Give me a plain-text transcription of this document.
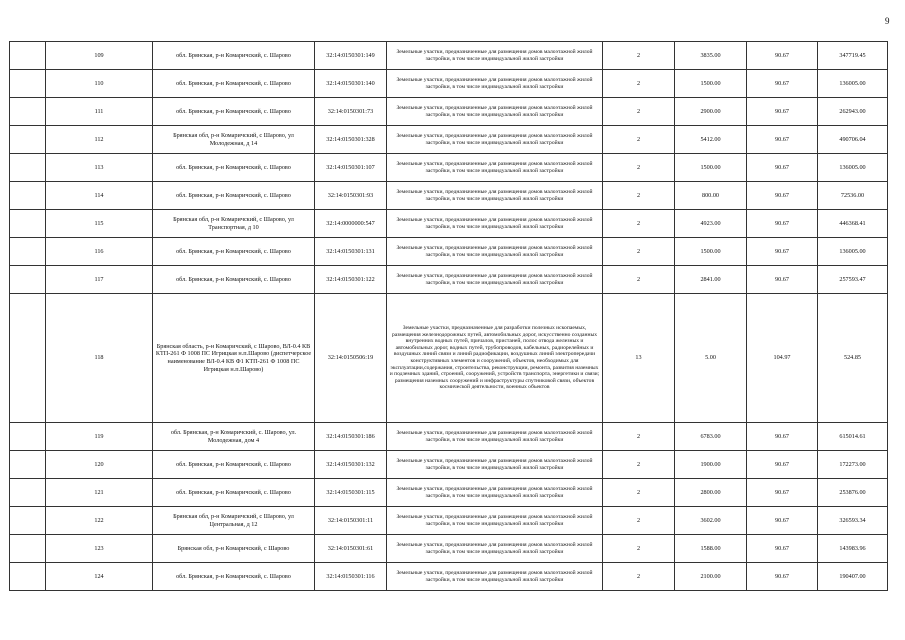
9
	109	обл. Брянская, р-н Комаричский, с. Шарово	32:14:0150301:149	Земельные участки, предназначенные для размещения домов малоэтажной жилой застройки, в том числе индивидуальной жилой застройки	2	3835.00	90.67	347719.45
	110	обл. Брянская, р-н Комаричский, с. Шарово	32:14:0150301:140	Земельные участки, предназначенные для размещения домов малоэтажной жилой застройки, в том числе индивидуальной жилой застройки	2	1500.00	90.67	136005.00
	111	обл. Брянская, р-н Комаричский, с. Шарово	32:14:0150301:73	Земельные участки, предназначенные для размещения домов малоэтажной жилой застройки, в том числе индивидуальной жилой застройки	2	2900.00	90.67	262943.00
	112	Брянская обл, р-н Комаричский, с Шарово, ул Молодежная, д 14	32:14:0150301:328	Земельные участки, предназначенные для размещения домов малоэтажной жилой застройки, в том числе индивидуальной жилой застройки	2	5412.00	90.67	490706.04
	113	обл. Брянская, р-н Комаричский, с. Шарово	32:14:0150301:107	Земельные участки, предназначенные для размещения домов малоэтажной жилой застройки, в том числе индивидуальной жилой застройки	2	1500.00	90.67	136005.00
	114	обл. Брянская, р-н Комаричский, с. Шарово	32:14:0150301:93	Земельные участки, предназначенные для размещения домов малоэтажной жилой застройки, в том числе индивидуальной жилой застройки	2	800.00	90.67	72536.00
	115	Брянская обл, р-н Комаричский, с Шарово, ул Транспортная, д 10	32:14:0000000:547	Земельные участки, предназначенные для размещения домов малоэтажной жилой застройки, в том числе индивидуальной жилой застройки	2	4923.00	90.67	446368.41
	116	обл. Брянская, р-н Комаричский, с. Шарово	32:14:0150301:131	Земельные участки, предназначенные для размещения домов малоэтажной жилой застройки, в том числе индивидуальной жилой застройки	2	1500.00	90.67	136005.00
	117	обл. Брянская, р-н Комаричский, с. Шарово	32:14:0150301:122	Земельные участки, предназначенные для размещения домов малоэтажной жилой застройки, в том числе индивидуальной жилой застройки	2	2841.00	90.67	257593.47
	118	Брянская область, р-н Комаричский, с Шарово, ВЛ-0.4 КВ КТП-261 Ф 1008 ПС Игрицкая н.п.Шарово (диспетчерское наименование ВЛ-0.4 КВ Ф1 КТП-261 Ф 1008 ПС Игрицкая н.п.Шарово)	32:14:0150506:19	Земельные участки, предназначенные для разработки полезных ископаемых, размещения железнодорожных путей, автомобильных дорог, искусственно созданных внутренних водных путей, причалов, пристаней, полос отвода железных и автомобильных дорог, водных путей, трубопроводов, кабельных, радиорелейных и воздушных линий связи и линий радиофикации, воздушных линий электропередачи конструктивных элементов и сооружений, объектов, необходимых для эксплуатации,содержания, строительства, реконструкции, ремонта, развития наземных и подземных зданий, строений, сооружений, устройств транспорта, энергетики и связи; размещения наземных сооружений и инфраструктуры спутниковой связи, объектов космической деятельности, военных объектов	13	5.00	104.97	524.85
	119	обл. Брянская, р-н Комаричский, с. Шарово, ул. Молодежная, дом 4	32:14:0150301:186	Земельные участки, предназначенные для размещения домов малоэтажной жилой застройки, в том числе индивидуальной жилой застройки	2	6783.00	90.67	615014.61
	120	обл. Брянская, р-н Комаричский, с. Шарово	32:14:0150301:132	Земельные участки, предназначенные для размещения домов малоэтажной жилой застройки, в том числе индивидуальной жилой застройки	2	1900.00	90.67	172273.00
	121	обл. Брянская, р-н Комаричский, с. Шарово	32:14:0150301:115	Земельные участки, предназначенные для размещения домов малоэтажной жилой застройки, в том числе индивидуальной жилой застройки	2	2800.00	90.67	253876.00
	122	Брянская обл, р-н Комаричский, с Шарово, ул Центральная, д 12	32:14:0150301:11	Земельные участки, предназначенные для размещения домов малоэтажной жилой застройки, в том числе индивидуальной жилой застройки	2	3602.00	90.67	326593.34
	123	Брянская обл, р-н Комаричский, с Шарово	32:14:0150301:61	Земельные участки, предназначенные для размещения домов малоэтажной жилой застройки, в том числе индивидуальной жилой застройки	2	1588.00	90.67	143983.96
	124	обл. Брянская, р-н Комаричский, с. Шарово	32:14:0150301:116	Земельные участки, предназначенные для размещения домов малоэтажной жилой застройки, в том числе индивидуальной жилой застройки	2	2100.00	90.67	190407.00
